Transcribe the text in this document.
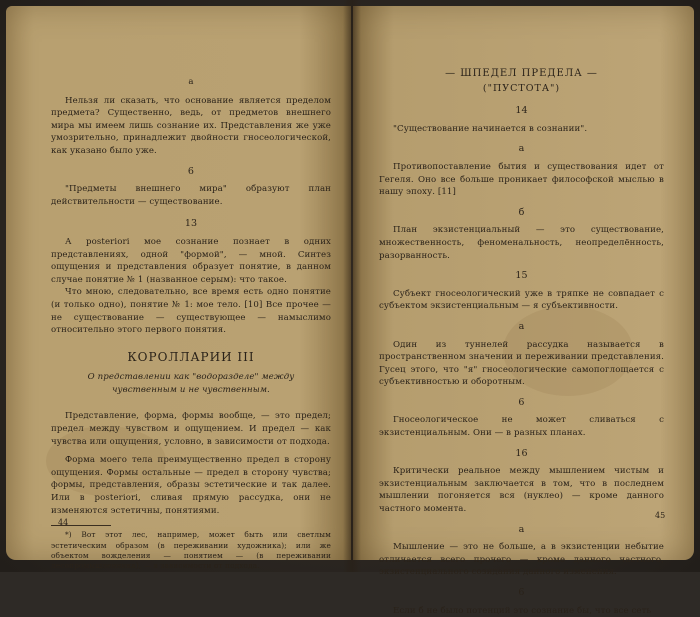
а

Нельзя ли сказать, что основание является пределом предмета? Существенно, ведь, от предметов внешнего мира мы имеем лишь сознание их. Представления же уже умозрительно, принадлежит двойности гносеологической, как указано было уже.

6

"Предметы внешнего мира" образуют план действительности — существование.

13

А posteriori мое сознание познает в одних представлениях, одной "формой", — мной. Синтез ощущения и представления образует понятие, в данном случае понятие № 1 (названное серым): что такое.

Что мною, следовательно, все время есть одно понятие (и только одно), понятие № 1: мое тело. [10] Все прочее — не существование — существующее — намыслимо относительно этого первого понятия.

КОРОЛЛАРИИ III
О представлении как "водоразделе" между чувственным и не чувственным.

Представление, форма, формы вообще, — это предел; предел между чувством и ощущением. И предел — как чувства или ощущения, условно, в зависимости от подхода.

Форма моего тела преимущественно предел в сторону ощущения. Формы остальные — предел в сторону чувства; формы, представления, образы эстетические и так далее. Или в posteriori, сливая прямую рассудка, они не изменяются эстетичны, понятиями.

*) Вот этот лес, например, может быть или светлым эстетическим образом (в переживании художника); или же объектом вожделения — понятием — (в переживании лесопромышленника), — в зависимости от подхода.

44
— ШПЕДЕЛ ПРЕДЕЛА —
("ПУСТОТА")
14

"Существование начинается в сознании".

а

Противопоставление бытия и существования идет от Гегеля. Оно все больше проникает философской мыслью в нашу эпоху. [11]

б

План экзистенциальный — это существование, множественность, феноменальность, неопределённость, разорванность.

15

Субъект гносеологический уже в тряпке не совпадает с субъектом экзистенциальным — я субъективности.

а

Один из туннелей рассудка называется в пространственном значении и переживании представления. Гусец этого, что "я" гносеологические самопоглощается с субъективностью и оборотным.

6

Гносеологическое не может сливаться с экзистенциальным. Они — в разных планах.

16

Критически реальное между мышлением чистым и экзистенциальным заключается в том, что в последнем мышлении погоняется вся (нуклео) — кроме данного частного момента.

а

Мышление — это не больше, а в экзистенции небытие отличается всего прочего — кроме данного частного, экзистенциального созидания данного изменения.

6

Если б не было потенций это сознание бы, что все сеть

45
